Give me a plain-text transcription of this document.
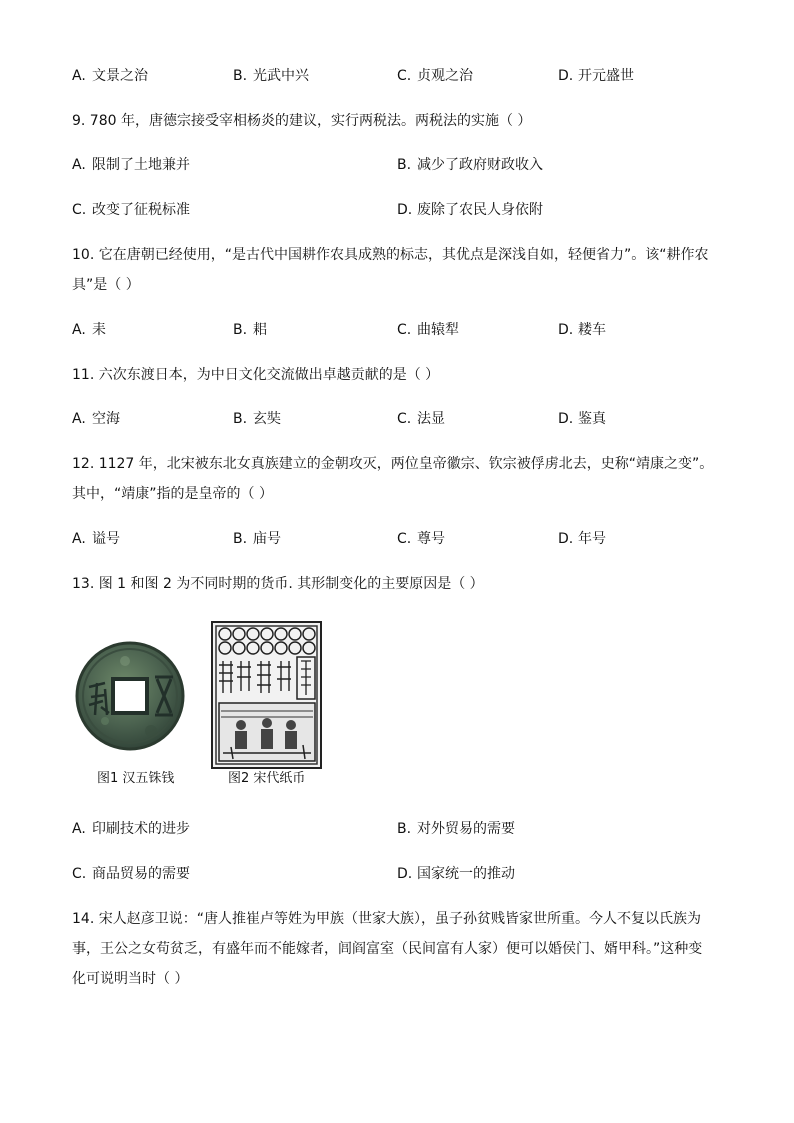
A. 文景之治	B. 光武中兴	C. 贞观之治	D. 开元盛世
9. 780 年，唐德宗接受宰相杨炎的建议，实行两税法。两税法的实施（ ）
A. 限制了土地兼并	B. 减少了政府财政收入
C. 改变了征税标准	D. 废除了农民人身依附
10. 它在唐朝已经使用，“是古代中国耕作农具成熟的标志，其优点是深浅自如，轻便省力”。该“耕作农
具”是（ ）
A. 耒	B. 耜	C. 曲辕犁	D. 耧车
11. 六次东渡日本，为中日文化交流做出卓越贡献的是（ ）
A. 空海	B. 玄奘	C. 法显	D. 鉴真
12. 1127 年，北宋被东北女真族建立的金朝攻灭，两位皇帝徽宗、钦宗被俘虏北去，史称“靖康之变”。
其中，“靖康”指的是皇帝的（ ）
A. 谥号	B. 庙号	C. 尊号	D. 年号
13. 图 1 和图 2 为不同时期的货币. 其形制变化的主要原因是（ ）
图1 汉五铢钱	图2 宋代纸币
A. 印刷技术的进步	B. 对外贸易的需要
C. 商品贸易的需要	D. 国家统一的推动
14. 宋人赵彦卫说：“唐人推崔卢等姓为甲族（世家大族），虽子孙贫贱皆家世所重。今人不复以氏族为
事，王公之女苟贫乏，有盛年而不能嫁者，闾阎富室（民间富有人家）便可以婚侯门、婿甲科。”这种变
化可说明当时（ ）
